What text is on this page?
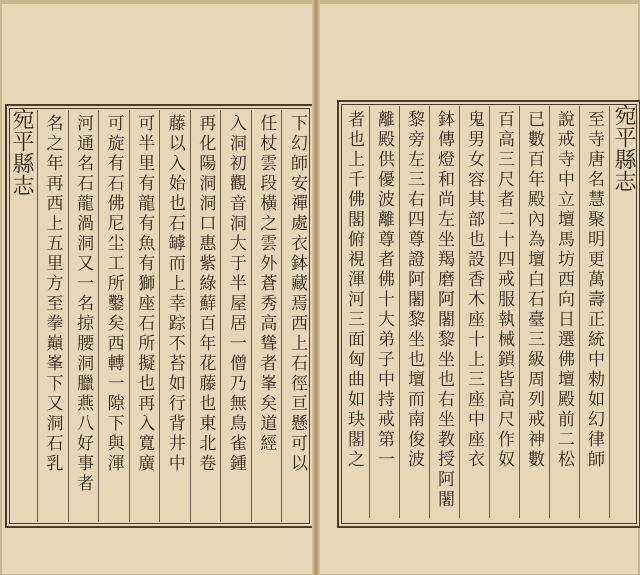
宛平縣志	下幻師安禪處衣鉢藏焉西上石徑亘懸可以
任杖雲段橫之雲外蒼秀高聳者峯矣道經
入洞初觀音洞大于半屋居一僧乃無鳥雀鍾
再化陽洞洞口惠紫綠蘚百年花藤也東北卷
藤以入始也石罅而上幸踪不苔如行背井中
可半里有龍有魚有獅座石所擬也再入寬廣
可旋有石佛尼尘工所鑿矣西轉一隙下與渾
河通名石龍渦洞又一名掠腰洞臘燕八好事者
名之年再西上五里方至拳巔峯下又洞石乳	宛平縣志
至寺唐名慧聚明更萬壽正統中勑如幻律師
說戒寺中立壇馬坊西向日選佛壇殿前二松
已數百年殿內為壇白石臺三級周列戒神數
百高三尺者二十四戒服執械鎖皆高尺作奴
鬼男女容其部也設香木座十上三座中座衣
鉢傳燈和尚左坐羯磨阿闍黎坐也右坐教授阿闍
黎旁左三右四尊證阿闍黎坐也壇而南俊波
離殿供優波離尊者佛十大弟子中持戒第一
者也上千佛閣俯視渾河三面匈曲如玦閣之
